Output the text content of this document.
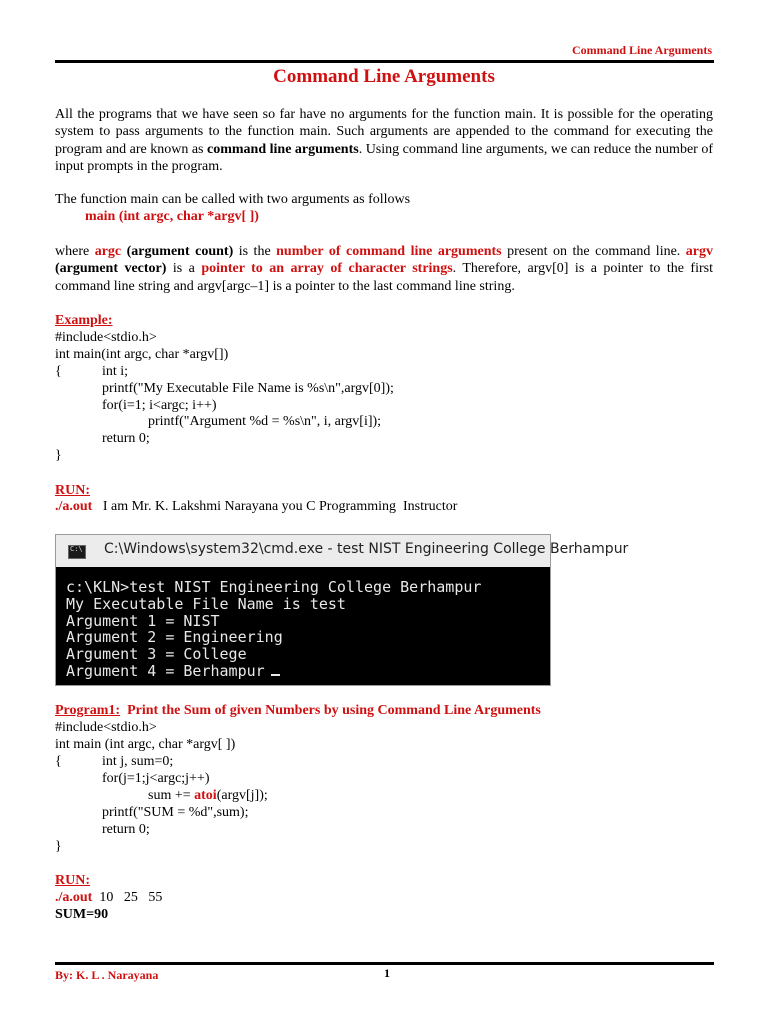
Command Line Arguments
Command Line Arguments
All the programs that we have seen so far have no arguments for the function main. It is possible for the operating system to pass arguments to the function main. Such arguments are appended to the command for executing the program and are known as command line arguments. Using command line arguments, we can reduce the number of input prompts in the program.
The function main can be called with two arguments as follows
main (int argc, char *argv[ ])
where argc (argument count) is the number of command line arguments present on the command line. argv (argument vector) is a pointer to an array of character strings. Therefore, argv[0] is a pointer to the first command line string and argv[argc–1] is a pointer to the last command line string.
Example:
#include<stdio.h>
int main(int argc, char *argv[])
{	int i;
printf("My Executable File Name is %s\n",argv[0]);
for(i=1; i<argc; i++)
printf("Argument %d = %s\n", i, argv[i]);
return 0;
}
RUN:
./a.out I am Mr. K. Lakshmi Narayana you C Programming  Instructor
C:\
C:\Windows\system32\cmd.exe - test NIST Engineering College Berhampur
c:\KLN>test NIST Engineering College Berhampur
My Executable File Name is test
Argument 1 = NIST
Argument 2 = Engineering
Argument 3 = College
Argument 4 = Berhampur
Program1: Print the Sum of given Numbers by using Command Line Arguments
#include<stdio.h>
int main (int argc, char *argv[ ])
{	int j, sum=0;
for(j=1;j<argc;j++)
sum += atoi(argv[j]);
printf("SUM = %d",sum);
return 0;
}
RUN:
./a.out 10   25   55
SUM=90
By: K. L . Narayana	1
